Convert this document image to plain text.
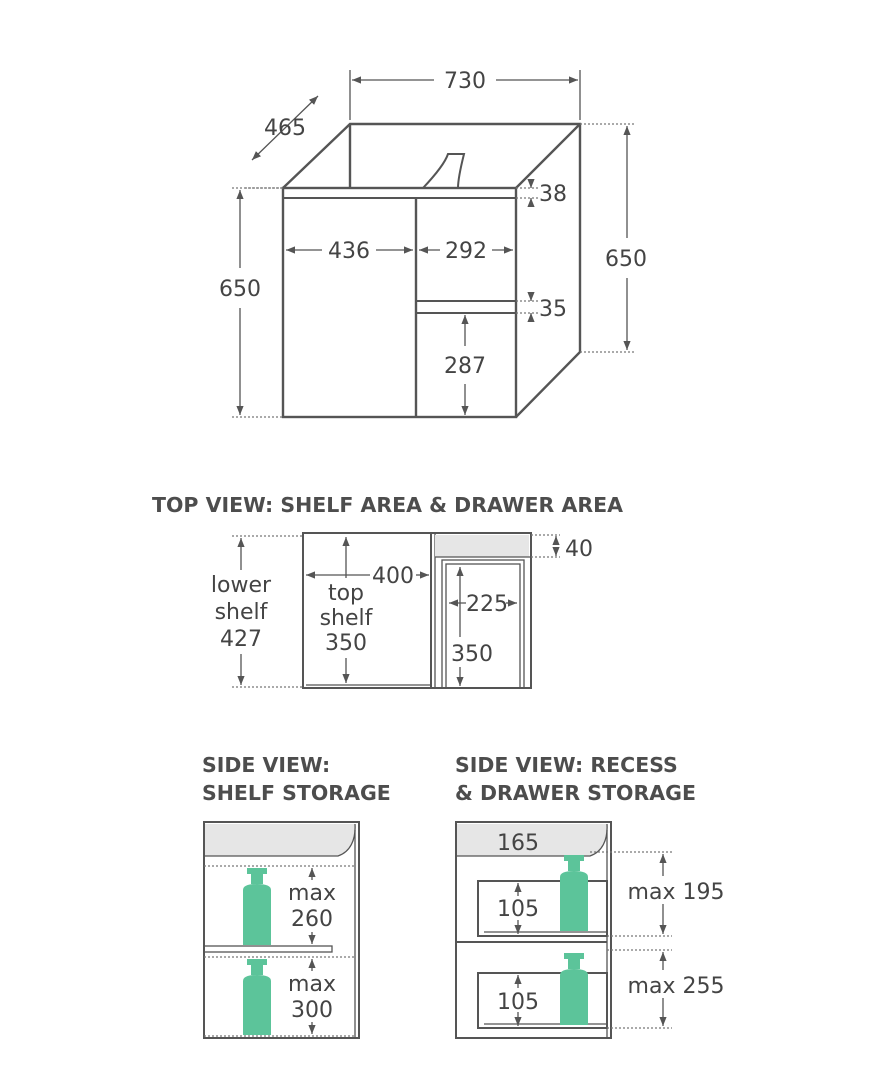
730
465
650
650
38
436	292
35
287
TOP VIEW: SHELF AREA & DRAWER AREA
lower
shelf
427
top
shelf
350
400
40
225
350
SIDE VIEW:
SHELF STORAGE
max
260
max
300
SIDE VIEW: RECESS
& DRAWER STORAGE
165
105
105
max 195
max 255
